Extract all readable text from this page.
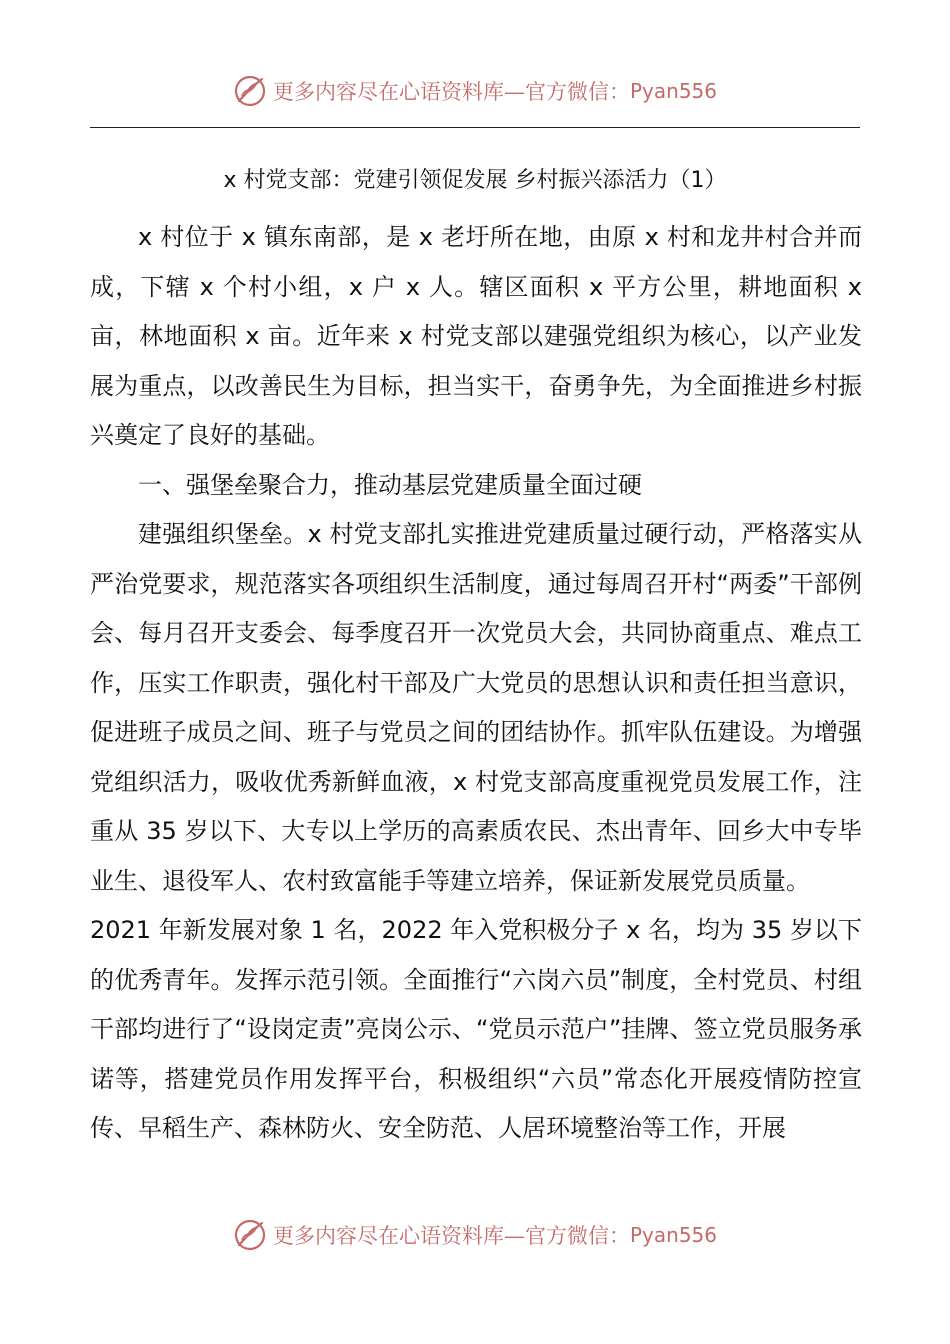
更多内容尽在心语资料库—官方微信： Pyan556
x 村党支部：党建引领促发展 乡村振兴添活力（1）

x 村位于 x 镇东南部，是 x 老圩所在地，由原 x 村和龙井村合并而成，下辖 x 个村小组，x 户 x 人。辖区面积 x 平方公里，耕地面积 x 亩，林地面积 x 亩。近年来 x 村党支部以建强党组织为核心，以产业发展为重点，以改善民生为目标，担当实干，奋勇争先，为全面推进乡村振兴奠定了良好的基础。

一、强堡垒聚合力，推动基层党建质量全面过硬

建强组织堡垒。x 村党支部扎实推进党建质量过硬行动，严格落实从严治党要求，规范落实各项组织生活制度，通过每周召开村“两委”干部例会、每月召开支委会、每季度召开一次党员大会，共同协商重点、难点工作，压实工作职责，强化村干部及广大党员的思想认识和责任担当意识，促进班子成员之间、班子与党员之间的团结协作。抓牢队伍建设。为增强党组织活力，吸收优秀新鲜血液，x 村党支部高度重视党员发展工作，注重从 35 岁以下、大专以上学历的高素质农民、杰出青年、回乡大中专毕业生、退役军人、农村致富能手等建立培养，保证新发展党员质量。

2021 年新发展对象 1 名，2022 年入党积极分子 x 名，均为 35 岁以下的优秀青年。发挥示范引领。全面推行“六岗六员”制度，全村党员、村组干部均进行了“设岗定责”亮岗公示、“党员示范户”挂牌、签立党员服务承诺等，搭建党员作用发挥平台，积极组织“六员”常态化开展疫情防控宣传、早稻生产、森林防火、安全防范、人居环境整治等工作，开展

更多内容尽在心语资料库—官方微信： Pyan556
